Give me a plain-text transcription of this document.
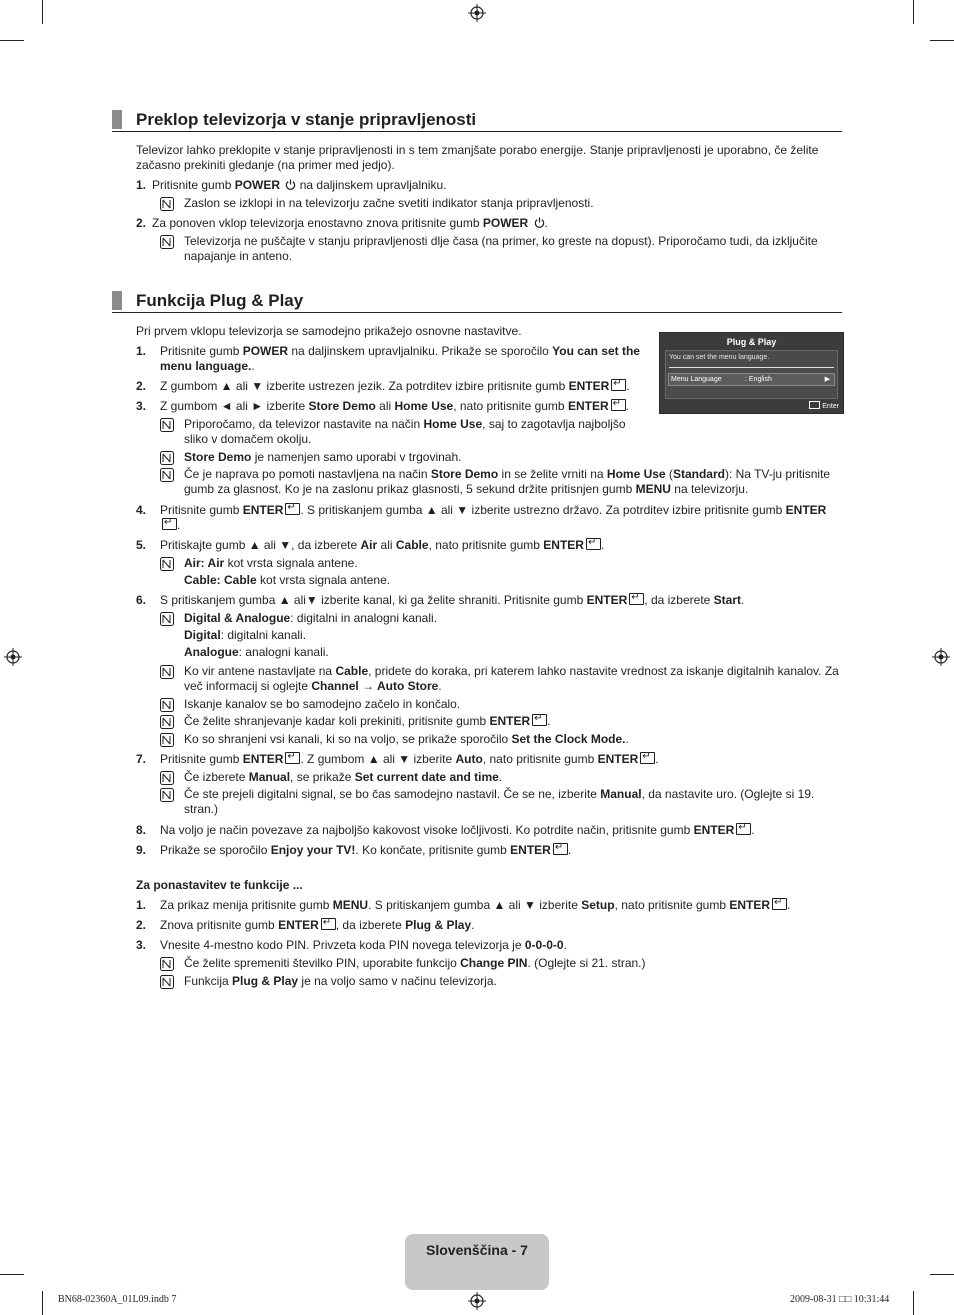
Preklop televizorja v stanje pripravljenosti
Televizor lahko preklopite v stanje pripravljenosti in s tem zmanjšate porabo energije. Stanje pripravljenosti je uporabno, če želite začasno prekiniti gledanje (na primer med jedjo).
1. Pritisnite gumb POWER  na daljinskem upravljalniku.
Zaslon se izklopi in na televizorju začne svetiti indikator stanja pripravljenosti.
2. Za ponoven vklop televizorja enostavno znova pritisnite gumb POWER .
Televizorja ne puščajte v stanju pripravljenosti dlje časa (na primer, ko greste na dopust). Priporočamo tudi, da izključite napajanje in anteno.
Funkcija Plug & Play
Pri prvem vklopu televizorja se samodejno prikažejo osnovne nastavitve.
Plug & Play
You can set the menu language.
Menu Language	: English	▶
Enter
1. Pritisnite gumb POWER na daljinskem upravljalniku. Prikaže se sporočilo You can set the menu language..
2. Z gumbom ▲ ali ▼ izberite ustrezen jezik. Za potrditev izbire pritisnite gumb ENTER ↵ .
3. Z gumbom ◄ ali ► izberite Store Demo ali Home Use, nato pritisnite gumb ENTER ↵ .
Priporočamo, da televizor nastavite na način Home Use, saj to zagotavlja najboljšo sliko v domačem okolju.
Store Demo je namenjen samo uporabi v trgovinah.
Če je naprava po pomoti nastavljena na način Store Demo in se želite vrniti na Home Use (Standard): Na TV-ju pritisnite gumb za glasnost. Ko je na zaslonu prikaz glasnosti, 5 sekund držite pritisnjen gumb MENU na televizorju.
4. Pritisnite gumb ENTER ↵ . S pritiskanjem gumba ▲ ali ▼ izberite ustrezno državo. Za potrditev izbire pritisnite gumb ENTER↵.
5. Pritiskajte gumb ▲ ali ▼, da izberete Air ali Cable, nato pritisnite gumb ENTER ↵ .
Air: Air kot vrsta signala antene.
Cable: Cable kot vrsta signala antene.
6. S pritiskanjem gumba ▲ ali▼ izberite kanal, ki ga želite shraniti. Pritisnite gumb ENTER ↵ , da izberete Start.
Digital & Analogue: digitalni in analogni kanali.
Digital: digitalni kanali.
Analogue: analogni kanali.
Ko vir antene nastavljate na Cable, pridete do koraka, pri katerem lahko nastavite vrednost za iskanje digitalnih kanalov. Za več informacij si oglejte Channel → Auto Store.
Iskanje kanalov se bo samodejno začelo in končalo.
Če želite shranjevanje kadar koli prekiniti, pritisnite gumb ENTER ↵ .
Ko so shranjeni vsi kanali, ki so na voljo, se prikaže sporočilo Set the Clock Mode..
7. Pritisnite gumb ENTER ↵ . Z gumbom ▲ ali ▼ izberite Auto, nato pritisnite gumb ENTER ↵ .
Če izberete Manual, se prikaže Set current date and time.
Če ste prejeli digitalni signal, se bo čas samodejno nastavil. Če se ne, izberite Manual, da nastavite uro. (Oglejte si 19. stran.)
8. Na volj​o je način povezave za najboljšo kakovost visoke ločljivosti. Ko potrdite način, pritisnite gumb ENTER ↵ .
9. Prikaže se sporočilo Enjoy your TV!. Ko končate, pritisnite gumb ENTER ↵ .
Za ponastavitev te funkcije ...
1. Za prikaz menija pritisnite gumb MENU. S pritiskanjem gumba ▲ ali ▼ izberite Setup, nato pritisnite gumb ENTER ↵ .
2. Znova pritisnite gumb ENTER ↵ , da izberete Plug & Play.
3. Vnesite 4-mestno kodo PIN. Privzeta koda PIN novega televizorja je 0-0-0-0.
Če želite spremeniti številko PIN, uporabite funkcijo Change PIN. (Oglejte si 21. stran.)
Funkcija Plug & Play je na voljo samo v načinu televizorja.
Slovenščina - 7
BN68-02360A_01L09.indb 7	2009-08-31 □□ 10:31:44
